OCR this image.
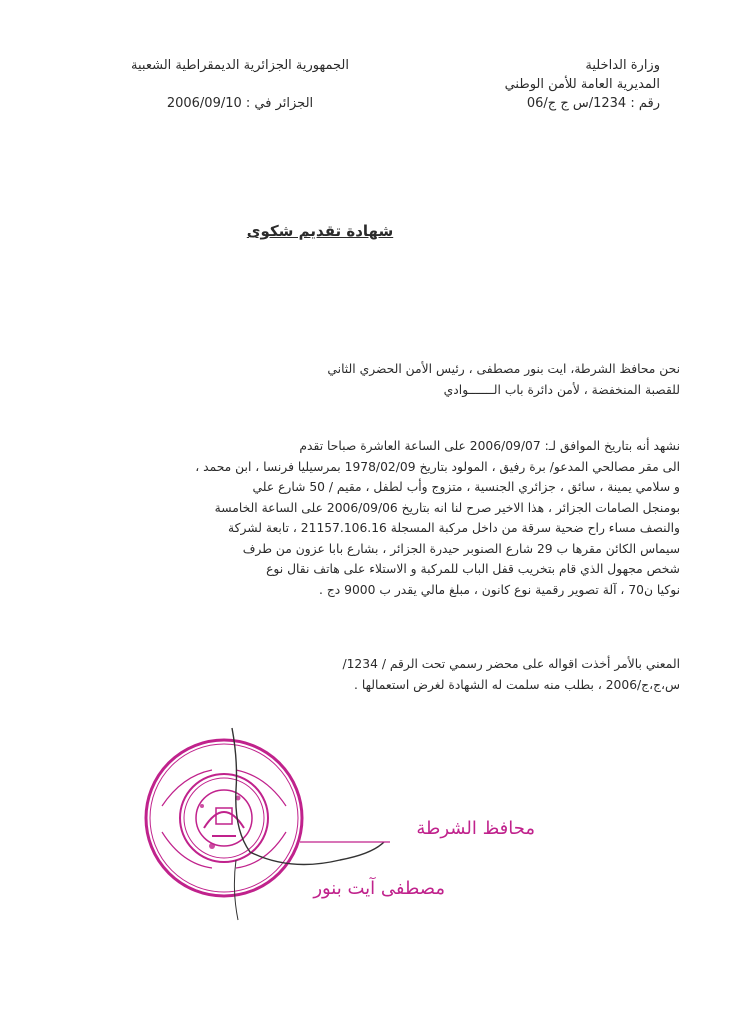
وزارة الداخلية
المديرية العامة للأمن الوطني
رقم : 1234/س ج ج/06
الجمهورية الجزائرية الديمقراطية الشعبية
الجزائر في : 2006/09/10
شهادة تقديم شكوى
نحن محافظ الشرطة، ايت بنور مصطفى ، رئيس الأمن الحضري الثاني
للقصبة المنخفضة ، لأمن دائرة باب الـــــــوادي
نشهد أنه بتاريخ الموافق لـ: 2006/09/07 على الساعة العاشرة صباحا تقدم
الى مقر مصالحي المدعو/ برة رفيق ، المولود بتاريخ 1978/02/09 بمرسيليا فرنسا ، ابن محمد ،
و سلامي يمينة ، سائق ، جزائري الجنسية ، متزوج وأب لطفل ، مقيم / 50 شارع علي
بومنجل الصامات الجزائر ، هذا الاخير صرح لنا انه بتاريخ 2006/09/06 على الساعة الخامسة
والنصف مساء راح ضحية سرقة من داخل مركبة المسجلة 21157.106.16 ، تابعة لشركة
سيماس الكائن مقرها ب 29 شارع الصنوبر حيدرة الجزائر ، بشارع بابا عزون من طرف
شخص مجهول الذي قام بتخريب قفل الباب للمركبة و الاستلاء على هاتف نقال نوع
نوكيا ن70 ، آلة تصوير رقمية نوع كانون ، مبلغ مالي يقدر ب 9000 دج .
المعني بالأمر أخذت اقواله على محضر رسمي تحت الرقم / 1234/
س،ج،ج/2006 ، بطلب منه سلمت له الشهادة لغرض استعمالها .
محافظ الشرطة
مصطفى آيت بنور
